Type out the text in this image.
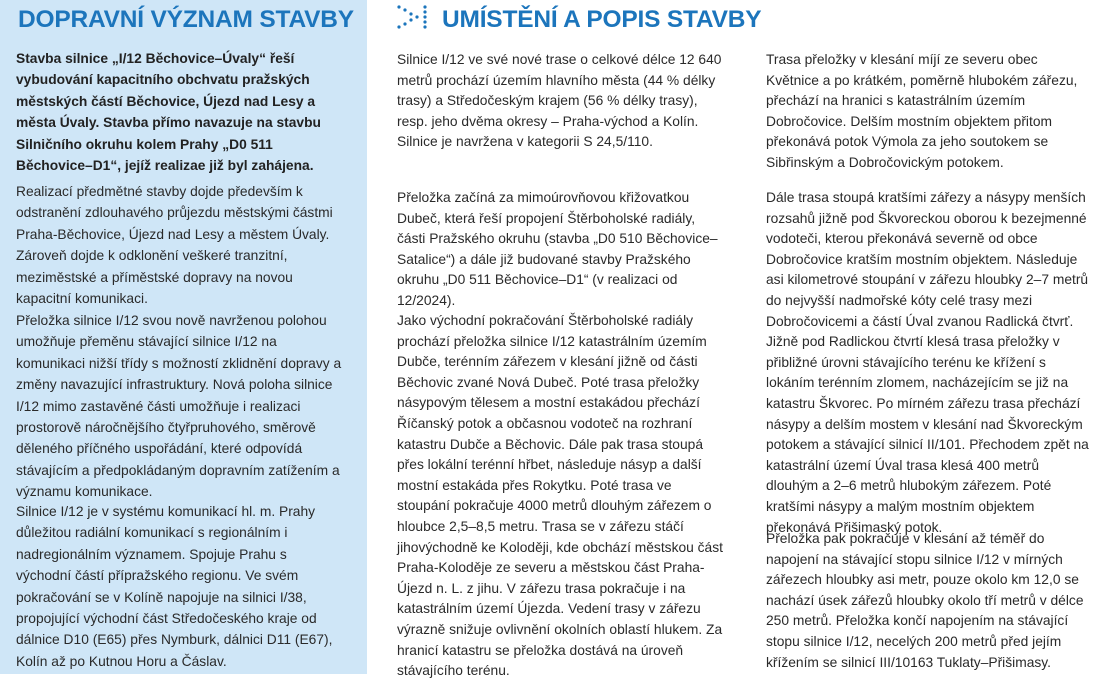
DOPRAVNÍ VÝZNAM STAVBY

Stavba silnice „I/12 Běchovice–Úvaly“ řeší vybudování kapacitního obchvatu pražských městských částí Běchovice, Újezd nad Lesy a města Úvaly. Stavba přímo navazuje na stavbu Silničního okruhu kolem Prahy „D0 511 Běchovice–D1“, jejíž realizae již byl zahájena.

Realizací předmětné stavby dojde především k odstranění zdlouhavého průjezdu městskými částmi Praha-Běchovice, Újezd nad Lesy a městem Úvaly. Zároveň dojde k odklonění veškeré tranzitní, meziměstské a příměstské dopravy na novou kapacitní komunikaci.

Přeložka silnice I/12 svou nově navrženou polohou umožňuje přeměnu stávající silnice I/12 na komunikaci nižší třídy s možností zklidnění dopravy a změny navazující infrastruktury. Nová poloha silnice I/12 mimo zastavěné části umožňuje i realizaci prostorově náročnějšího čtyřpruhového, směrově děleného příčného uspořádání, které odpovídá stávajícím a předpokládaným dopravním zatížením a významu komunikace.

Silnice I/12 je v systému komunikací hl. m. Prahy důležitou radiální komunikací s regionálním i nadregionálním významem. Spojuje Prahu s východní částí přípražského regionu. Ve svém pokračování se v Kolíně napojuje na silnici I/38, propojující východní část Středočeského kraje od dálnice D10 (E65) přes Nymburk, dálnici D11 (E67), Kolín až po Kutnou Horu a Čáslav.

UMÍSTĚNÍ A POPIS STAVBY

Silnice I/12 ve své nové trase o celkové délce 12 640 metrů prochází územím hlavního města (44 % délky trasy) a Středočeským krajem (56 % délky trasy), resp. jeho dvěma okresy – Praha-východ a Kolín. Silnice je navržena v kategorii S 24,5/110.

Přeložka začíná za mimoúrovňovou křižovatkou Dubeč, která řeší propojení Štěrboholské radiály, části Pražského okruhu (stavba „D0 510 Běchovice–Satalice“) a dále již budované stavby Pražského okruhu „D0 511 Běchovice–D1“ (v realizaci od 12/2024).

Jako východní pokračování Štěrboholské radiály prochází přeložka silnice I/12 katastrálním územím Dubče, terénním zářezem v klesání jižně od části Běchovic zvané Nová Dubeč. Poté trasa přeložky násypovým tělesem a mostní estakádou přechází Říčanský potok a občasnou vodoteč na rozhraní katastru Dubče a Běchovic. Dále pak trasa stoupá přes lokální terénní hřbet, následuje násyp a další mostní estakáda přes Rokytku. Poté trasa ve stoupání pokračuje 4000 metrů dlouhým zářezem o hloubce 2,5–8,5 metru. Trasa se v zářezu stáčí jihovýchodně ke Koloději, kde obchází městskou část Praha-Koloděje ze severu a městskou část Praha-Újezd n. L. z jihu. V zářezu trasa pokračuje i na katastrálním území Újezda. Vedení trasy v zářezu výrazně snižuje ovlivnění okolních oblastí hlukem. Za hranicí katastru se přeložka dostává na úroveň stávajícího terénu.

Trasa přeložky v klesání míjí ze severu obec Květnice a po krátkém, poměrně hlubokém zářezu, přechází na hranici s katastrálním územím Dobročovice. Delším mostním objektem přitom překonává potok Výmola za jeho soutokem se Sibřinským a Dobročovickým potokem.

Dále trasa stoupá kratšími zářezy a násypy menších rozsahů jižně pod Škvoreckou oborou k bezejmenné vodoteči, kterou překonává severně od obce Dobročovice kratším mostním objektem. Následuje asi kilometrové stoupání v zářezu hloubky 2–7 metrů do nejvyšší nadmořské kóty celé trasy mezi Dobročovicemi a částí Úval zvanou Radlická čtvrť. Jižně pod Radlickou čtvrtí klesá trasa přeložky v přibližné úrovni stávajícího terénu ke křížení s lokáním terénním zlomem, nacházejícím se již na katastru Škvorec. Po mírném zářezu trasa přechází násypy a delším mostem v klesání nad Škvoreckým potokem a stávající silnicí II/101. Přechodem zpět na katastrální území Úval trasa klesá 400 metrů dlouhým a 2–6 metrů hlubokým zářezem. Poté kratšími násypy a malým mostním objektem překonává Přišimaský potok.

Přeložka pak pokračuje v klesání až téměř do napojení na stávající stopu silnice I/12 v mírných zářezech hloubky asi metr, pouze okolo km 12,0 se nachází úsek zářezů hloubky okolo tří metrů v délce 250 metrů. Přeložka končí napojením na stávající stopu silnice I/12, necelých 200 metrů před jejím křížením se silnicí III/10163 Tuklaty–Přišimasy.
